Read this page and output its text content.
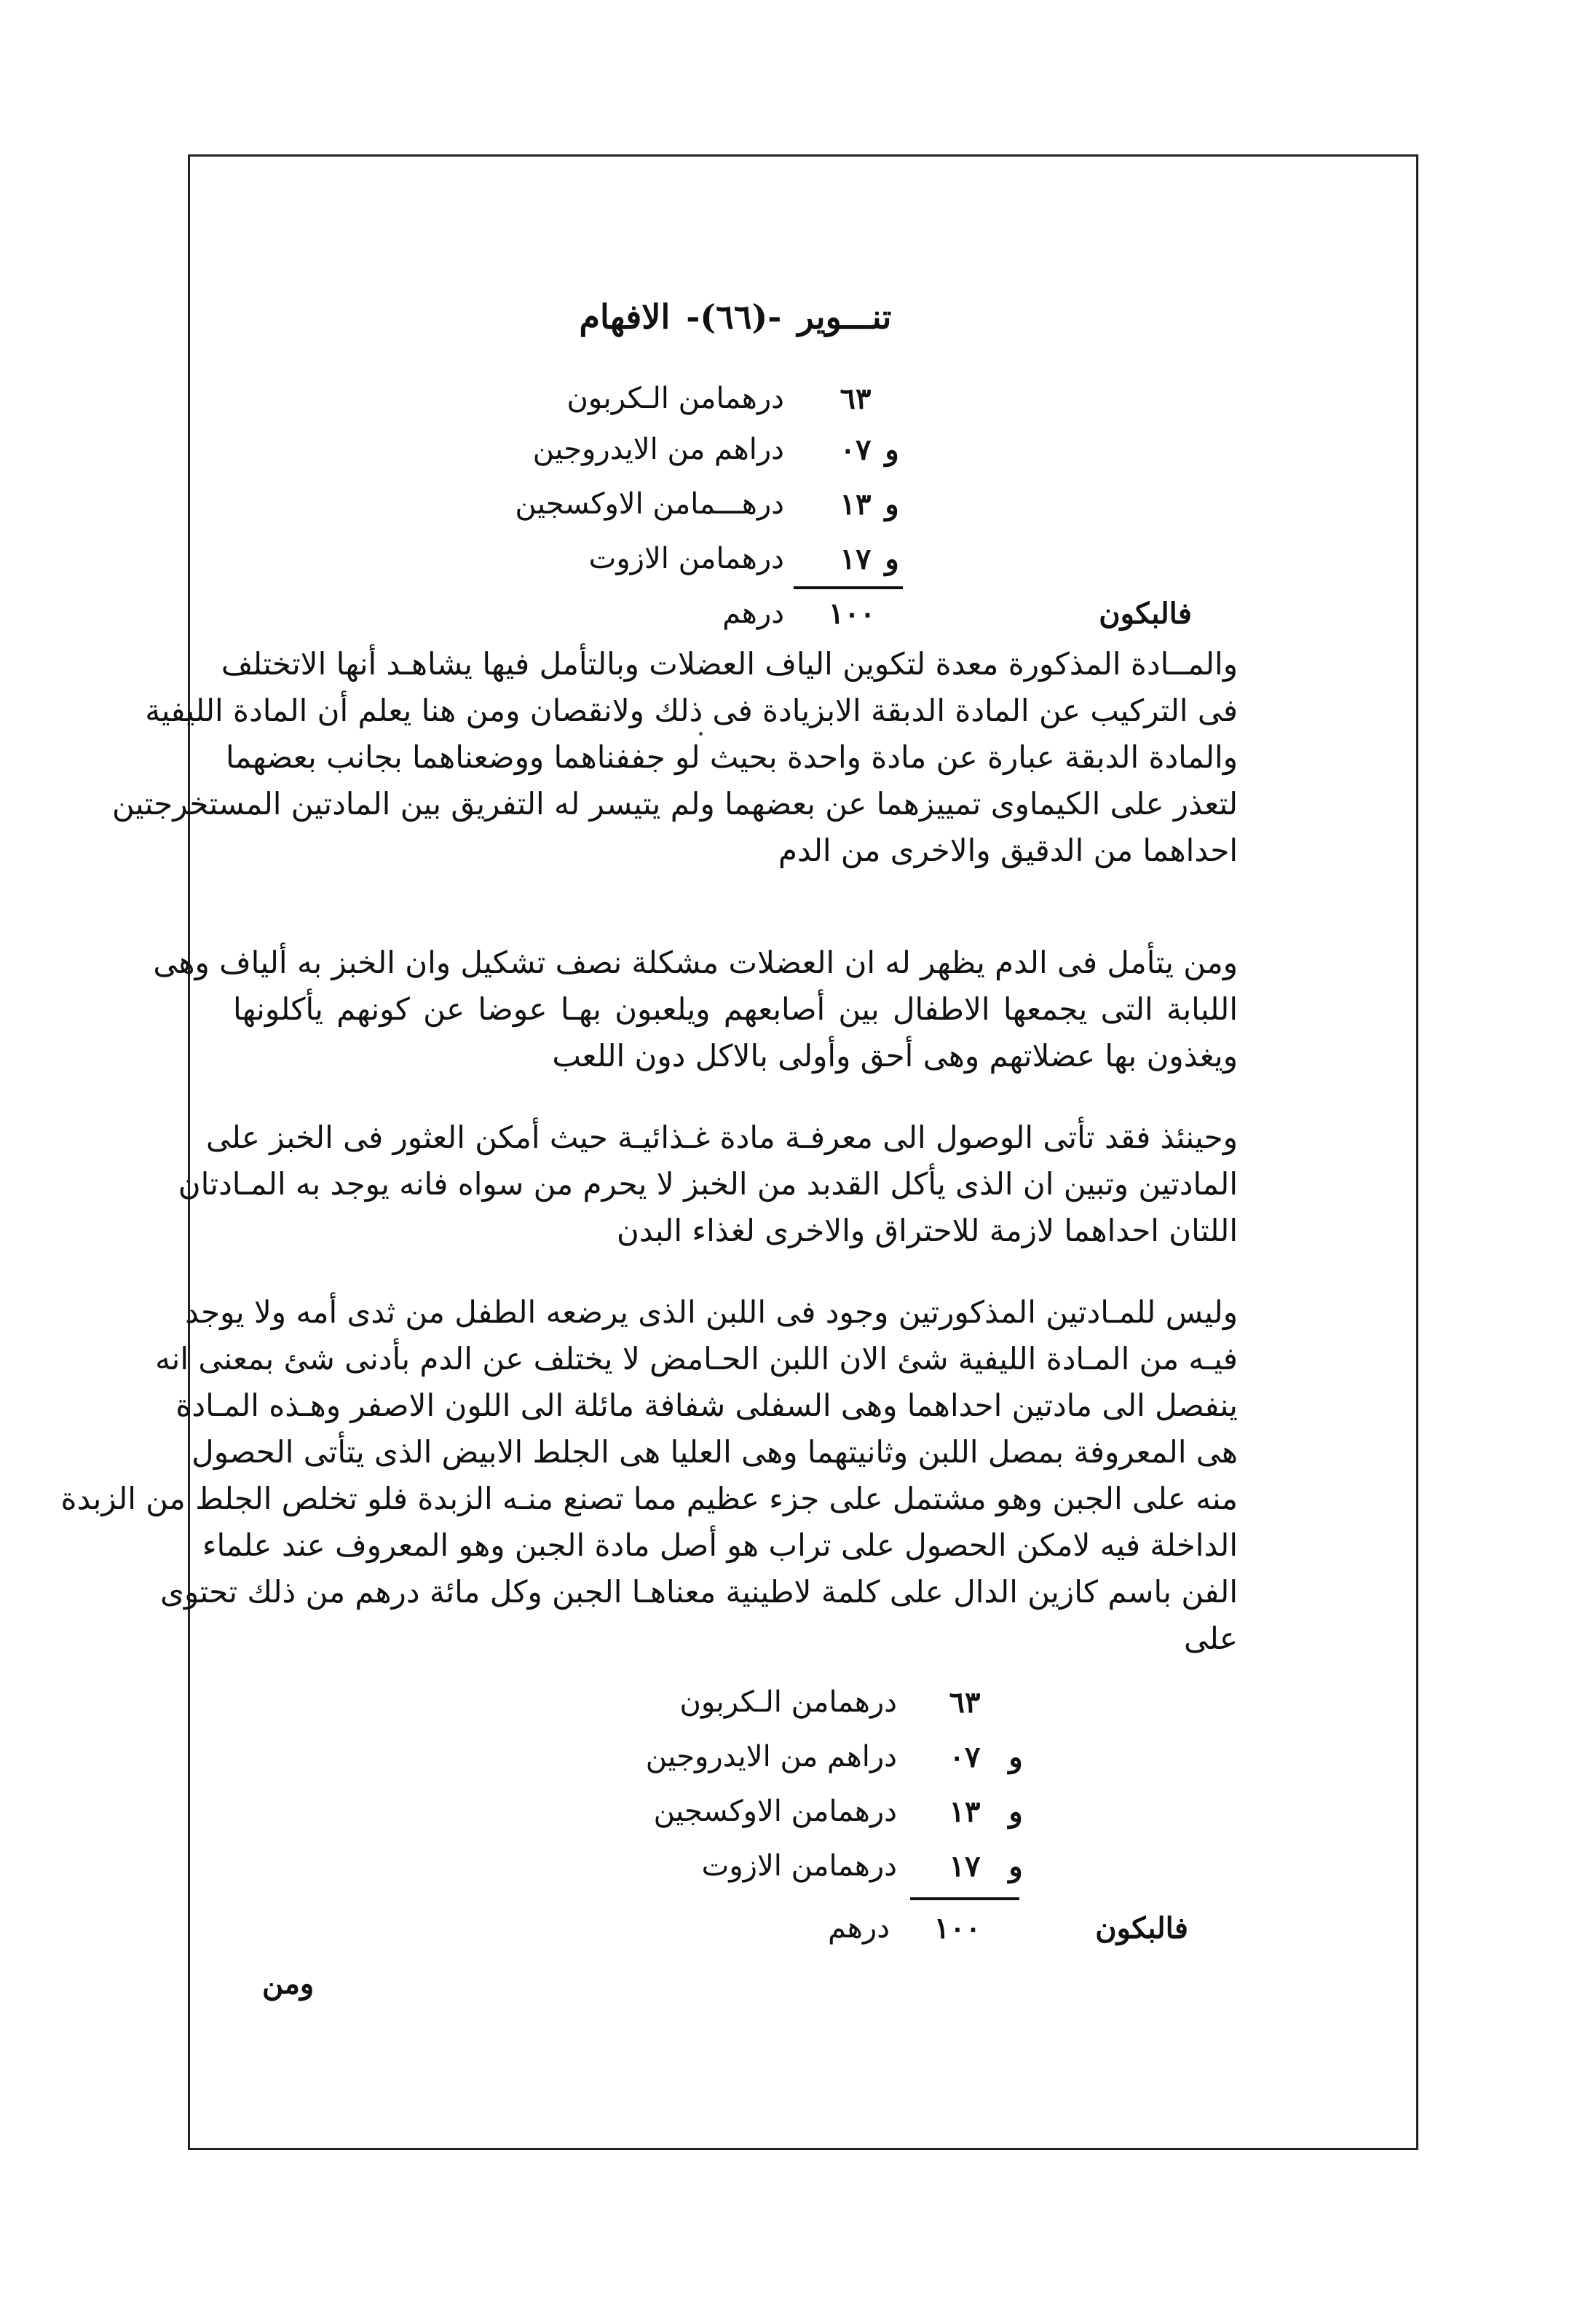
تنـــوير
-(٦٦)-
الافهام
٦٣
درهمامن الـكربون
و
٠٧
دراهم من الايدروجين
و
١٣
درهـــمامن الاوكسجين
و
١٧
درهمامن الازوت
فالبكون
١٠٠
درهم
والمــادة المذكورة معدة لتكوين الياف العضلات وبالتأمل فيها يشاهـد أنها الاتختلف
فى التركيب عن المادة الدبقة الابزيادة فى ذلك ولانقصان ومن هنا يعلم أن المادة الليفية
والمادة الدبقة عبارة عن مادة واحدة بحيث لو جففناهما ووضعناهما بجانب بعضهما
لتعذر على الكيماوى تمييزهما عن بعضهما ولم يتيسر له التفريق بين المادتين المستخرجتين
احداهما من الدقيق والاخرى من الدم
ومن يتأمل فى الدم يظهر له ان العضلات مشكلة نصف تشكيل وان الخبز به ألياف وهى
اللبابة التى يجمعها الاطفال بين أصابعهم ويلعبون بهـا عوضا عن كونهم يأكلونها
ويغذون بها عضلاتهم وهى أحق وأولى بالاكل دون اللعب
وحينئذ فقد تأتى الوصول الى معرفـة مادة غـذائيـة حيث أمكن العثور فى الخبز على
المادتين وتبين ان الذى يأكل القدبد من الخبز لا يحرم من سواه فانه يوجد به المـادتان
اللتان احداهما لازمة للاحتراق والاخرى لغذاء البدن
وليس للمـادتين المذكورتين وجود فى اللبن الذى يرضعه الطفل من ثدى أمه ولا يوجد
فيـه من المـادة الليفية شئ الان اللبن الحـامض لا يختلف عن الدم بأدنى شئ بمعنى انه
ينفصل الى مادتين احداهما وهى السفلى شفافة مائلة الى اللون الاصفر وهـذه المـادة
هى المعروفة بمصل اللبن وثانيتهما وهى العليا هى الجلط الابيض الذى يتأتى الحصول
منه على الجبن وهو مشتمل على جزء عظيم مما تصنع منـه الزبدة فلو تخلص الجلط من الزبدة
الداخلة فيه لامكن الحصول على تراب هو أصل مادة الجبن وهو المعروف عند علماء
الفن باسم كازين الدال على كلمة لاطينية معناهـا الجبن وكل مائة درهم من ذلك تحتوى
على
٦٣
درهمامن الـكربون
و
٠٧
دراهم من الايدروجين
و
١٣
درهمامن الاوكسجين
و
١٧
درهمامن الازوت
فالبكون
١٠٠
درهم
ومن
